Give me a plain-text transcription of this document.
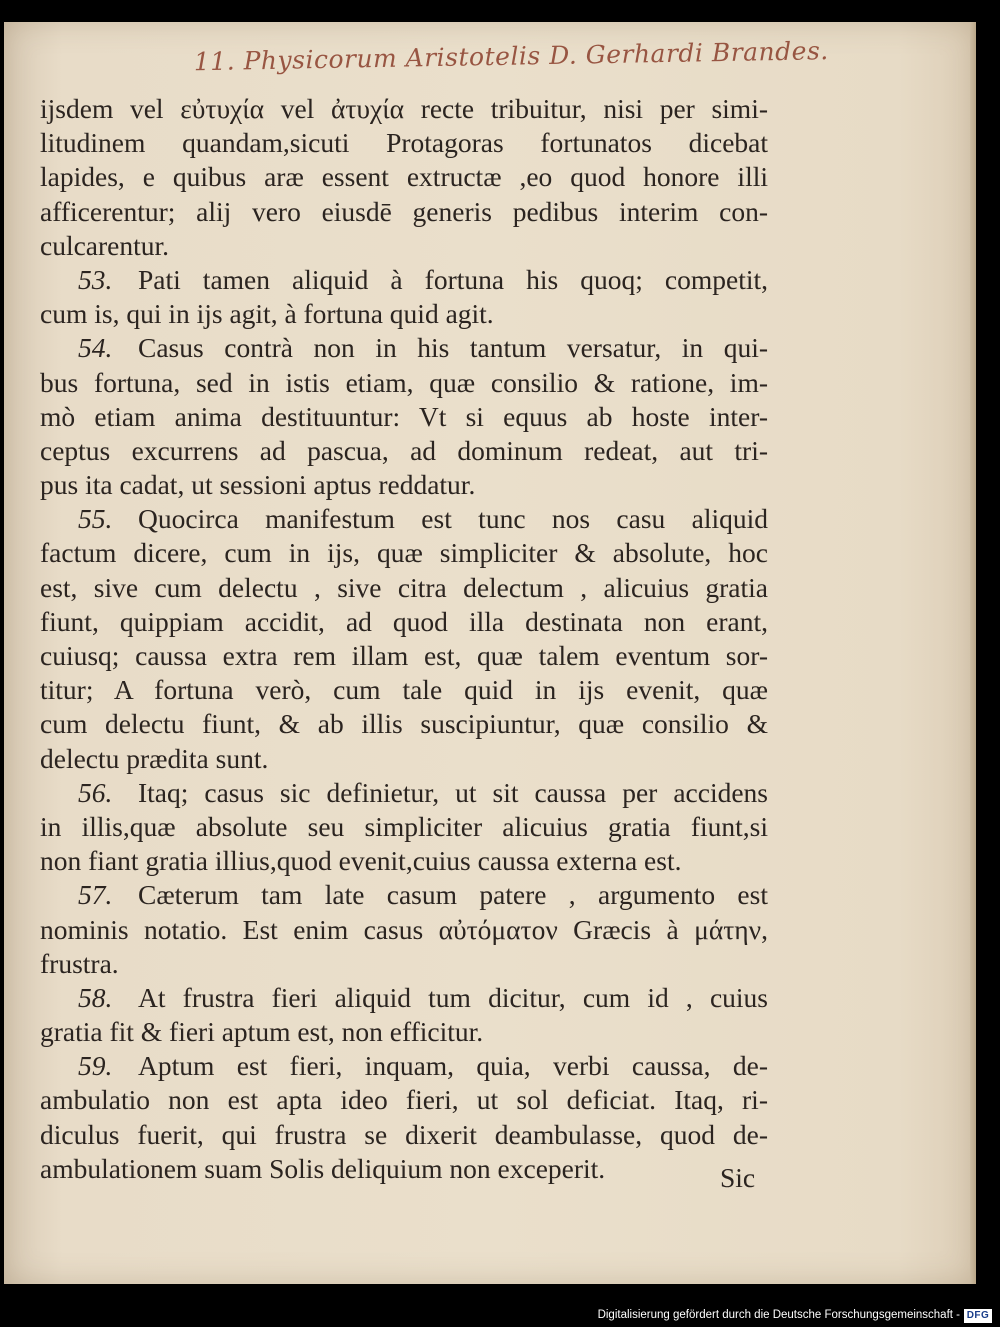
11. Physicorum Aristotelis D. Gerhardi Brandes.
ijsdem vel εὐτυχία vel ἀτυχία recte tribuitur, nisi per simi-
litudinem quandam,sicuti Protagoras fortunatos dicebat
lapides, e quibus aræ essent extructæ ,eo quod honore illi
afficerentur; alij vero eiusdē generis pedibus interim con-
culcarentur.
53. Pati tamen aliquid à fortuna his quoq; competit,
cum is, qui in ijs agit, à fortuna quid agit.
54. Casus contrà non in his tantum versatur, in qui-
bus fortuna, sed in istis etiam, quæ consilio & ratione, im-
mò etiam anima destituuntur: Vt si equus ab hoste inter-
ceptus excurrens ad pascua, ad dominum redeat, aut tri-
pus ita cadat, ut sessioni aptus reddatur.
55. Quocirca manifestum est tunc nos casu aliquid
factum dicere, cum in ijs, quæ simpliciter & absolute, hoc
est, sive cum delectu , sive citra delectum , alicuius gratia
fiunt, quippiam accidit, ad quod illa destinata non erant,
cuiusq; caussa extra rem illam est, quæ talem eventum sor-
titur; A fortuna verò, cum tale quid in ijs evenit, quæ
cum delectu fiunt, & ab illis suscipiuntur, quæ consilio &
delectu prædita sunt.
56. Itaq; casus sic definietur, ut sit caussa per accidens
in illis,quæ absolute seu simpliciter alicuius gratia fiunt,si
non fiant gratia illius,quod evenit,cuius caussa externa est.
57. Cæterum tam late casum patere , argumento est
nominis notatio. Est enim casus αὐτόματον Græcis à μάτην,
frustra.
58. At frustra fieri aliquid tum dicitur, cum id , cuius
gratia fit & fieri aptum est, non efficitur.
59. Aptum est fieri, inquam, quia, verbi caussa, de-
ambulatio non est apta ideo fieri, ut sol deficiat. Itaq, ri-
diculus fuerit, qui frustra se dixerit deambulasse, quod de-
ambulationem suam Solis deliquium non exceperit.	Sic
Digitalisierung gefördert durch die Deutsche Forschungsgemeinschaft - DFG
